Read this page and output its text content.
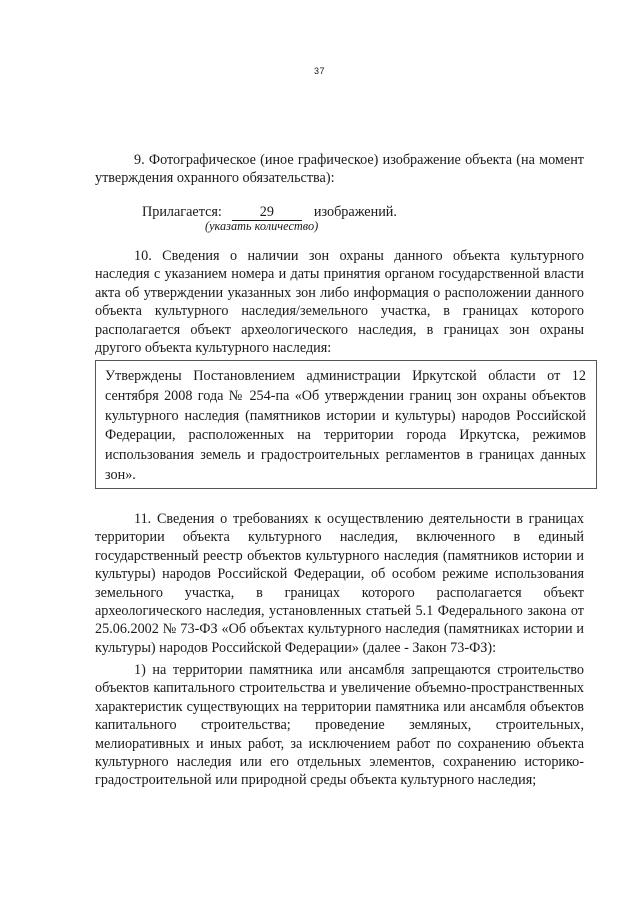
37

9. Фотографическое (иное графическое) изображение объекта (на момент утверждения охранного обязательства):

Прилагается:	29	изображений.
(указать количество)

10. Сведения о наличии зон охраны данного объекта культурного наследия с указанием номера и даты принятия органом государственной власти акта об утверждении указанных зон либо информация о расположении данного объекта культурного наследия/земельного участка, в границах которого располагается объект археологического наследия, в границах зон охраны другого объекта культурного наследия:

Утверждены Постановлением администрации Иркутской области от 12 сентября 2008 года № 254-па «Об утверждении границ зон охраны объектов культурного наследия (памятников истории и культуры) народов Российской Федерации, расположенных на территории города Иркутска, режимов использования земель и градостроительных регламентов в границах данных зон».

11. Сведения о требованиях к осуществлению деятельности в границах территории объекта культурного наследия, включенного в единый государственный реестр объектов культурного наследия (памятников истории и культуры) народов Российской Федерации, об особом режиме использования земельного участка, в границах которого располагается объект археологического наследия, установленных статьей 5.1 Федерального закона от 25.06.2002 № 73-ФЗ «Об объектах культурного наследия (памятниках истории и культуры) народов Российской Федерации» (далее - Закон 73-ФЗ):

1) на территории памятника или ансамбля запрещаются строительство объектов капитального строительства и увеличение объемно-пространственных характеристик существующих на территории памятника или ансамбля объектов капитального строительства; проведение земляных, строительных, мелиоративных и иных работ, за исключением работ по сохранению объекта культурного наследия или его отдельных элементов, сохранению историко-градостроительной или природной среды объекта культурного наследия;
